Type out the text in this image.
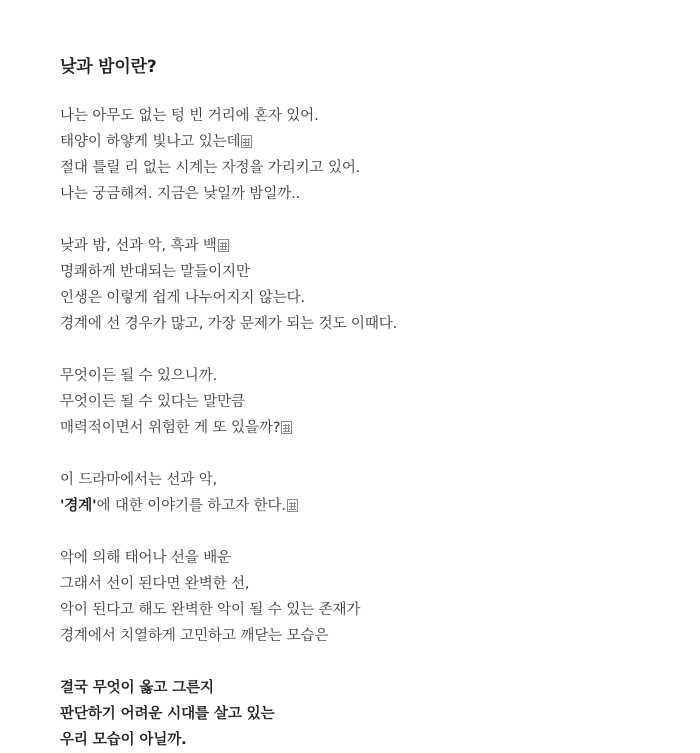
낮과 밤이란?
나는 아무도 없는 텅 빈 거리에 혼자 있어.
태양이 하얗게 빛나고 있는데
절대 틀릴 리 없는 시계는 자정을 가리키고 있어.
나는 궁금해져. 지금은 낮일까 밤일까..
낮과 밤, 선과 악, 흑과 백
명쾌하게 반대되는 말들이지만
인생은 이렇게 쉽게 나누어지지 않는다.
경계에 선 경우가 많고, 가장 문제가 되는 것도 이때다.
무엇이든 될 수 있으니까.
무엇이든 될 수 있다는 말만큼
매력적이면서 위험한 게 또 있을까?
이 드라마에서는 선과 악,
'경계'에 대한 이야기를 하고자 한다.
악에 의해 태어나 선을 배운
그래서 선이 된다면 완벽한 선,
악이 된다고 해도 완벽한 악이 될 수 있는 존재가
경계에서 치열하게 고민하고 깨닫는 모습은
결국 무엇이 옳고 그른지
판단하기 어려운 시대를 살고 있는
우리 모습이 아닐까.
